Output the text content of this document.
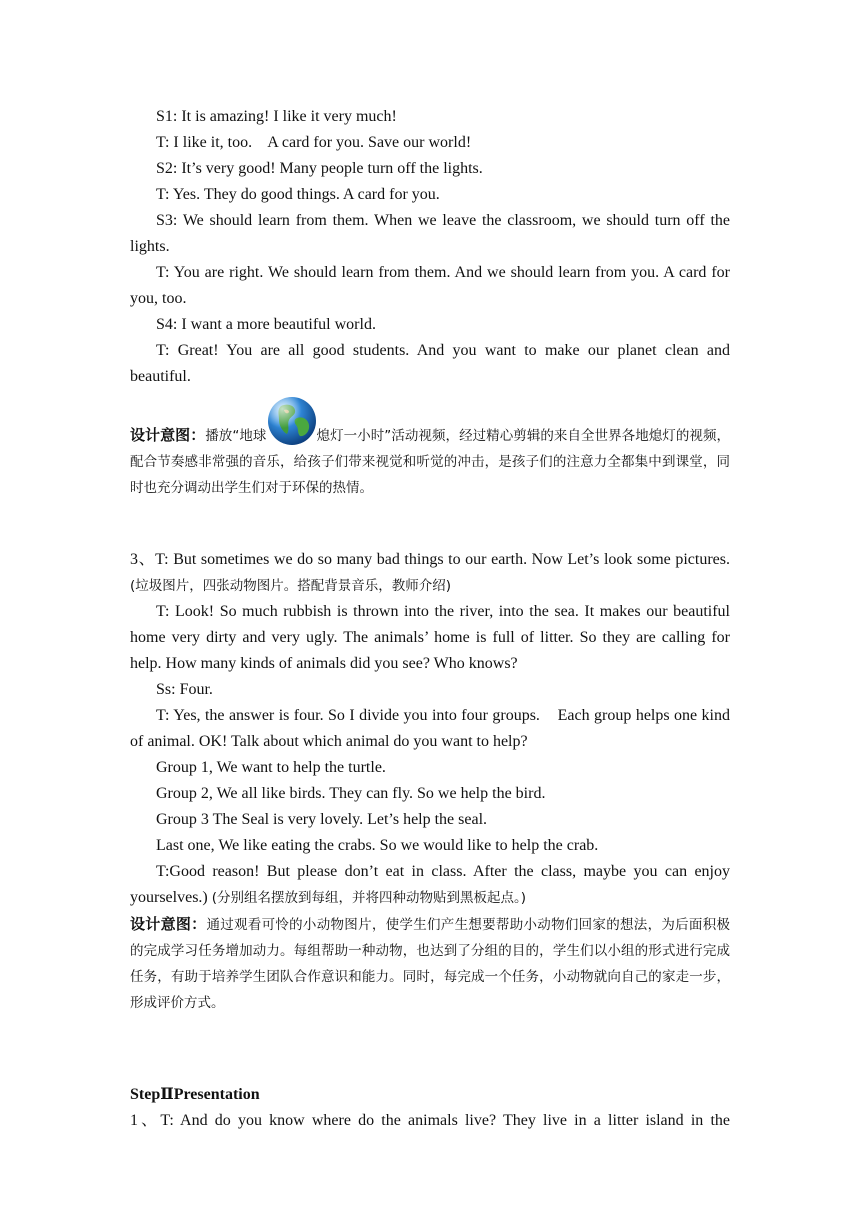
S1: It is amazing! I like it very much!

T: I like it, too.    A card for you. Save our world!

S2: It’s very good! Many people turn off the lights.

T: Yes. They do good things. A card for you.

S3: We should learn from them. When we leave the classroom, we should turn off the lights.

T: You are right. We should learn from them. And we should learn from you. A card for you, too.

S4: I want a more beautiful world.

T: Great! You are all good students. And you want to make our planet clean and beautiful.

设计意图：播放“地球	熄灯一小时”活动视频，经过精心剪辑的来自全世界各地熄灯的视频，配合节奏感非常强的音乐，给孩子们带来视觉和听觉的冲击，是孩子们的注意力全都集中到课堂，同时也充分调动出学生们对于环保的热情。

3、T: But sometimes we do so many bad things to our earth. Now Let’s look some pictures. (垃圾图片，四张动物图片。搭配背景音乐，教师介绍)

T: Look! So much rubbish is thrown into the river, into the sea. It makes our beautiful home very dirty and very ugly. The animals’ home is full of litter. So they are calling for help. How many kinds of animals did you see? Who knows?

Ss: Four.

T: Yes, the answer is four. So I divide you into four groups.    Each group helps one kind of animal. OK! Talk about which animal do you want to help?

Group 1, We want to help the turtle.

Group 2, We all like birds. They can fly. So we help the bird.

Group 3 The Seal is very lovely. Let’s help the seal.

Last one, We like eating the crabs. So we would like to help the crab.

T:Good reason! But please don’t eat in class. After the class, maybe you can enjoy yourselves.) (分别组名摆放到每组，并将四种动物贴到黑板起点。)

设计意图：通过观看可怜的小动物图片，使学生们产生想要帮助小动物们回家的想法，为后面积极的完成学习任务增加动力。每组帮助一种动物，也达到了分组的目的，学生们以小组的形式进行完成任务，有助于培养学生团队合作意识和能力。同时，每完成一个任务，小动物就向自己的家走一步，形成评价方式。

StepⅡPresentation

1、T: And do you know where do the animals live? They live in a litter island in the
